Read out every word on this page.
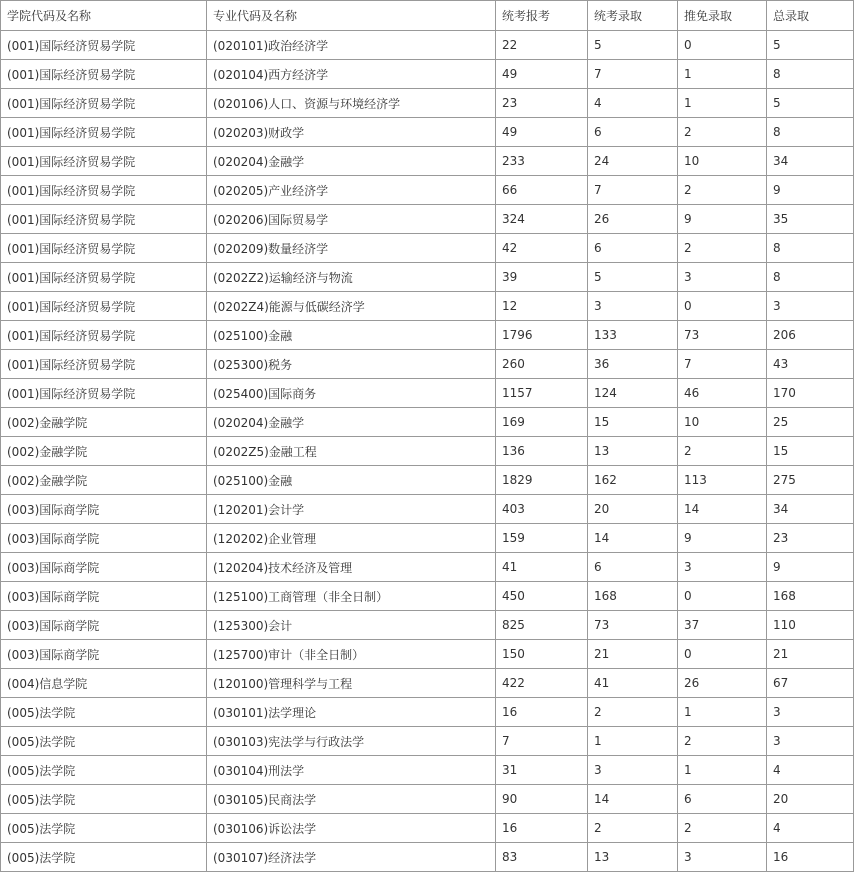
学院代码及名称	专业代码及名称	统考报考	统考录取	推免录取	总录取
(001)国际经济贸易学院	(020101)政治经济学	22	5	0	5
(001)国际经济贸易学院	(020104)西方经济学	49	7	1	8
(001)国际经济贸易学院	(020106)人口、资源与环境经济学	23	4	1	5
(001)国际经济贸易学院	(020203)财政学	49	6	2	8
(001)国际经济贸易学院	(020204)金融学	233	24	10	34
(001)国际经济贸易学院	(020205)产业经济学	66	7	2	9
(001)国际经济贸易学院	(020206)国际贸易学	324	26	9	35
(001)国际经济贸易学院	(020209)数量经济学	42	6	2	8
(001)国际经济贸易学院	(0202Z2)运输经济与物流	39	5	3	8
(001)国际经济贸易学院	(0202Z4)能源与低碳经济学	12	3	0	3
(001)国际经济贸易学院	(025100)金融	1796	133	73	206
(001)国际经济贸易学院	(025300)税务	260	36	7	43
(001)国际经济贸易学院	(025400)国际商务	1157	124	46	170
(002)金融学院	(020204)金融学	169	15	10	25
(002)金融学院	(0202Z5)金融工程	136	13	2	15
(002)金融学院	(025100)金融	1829	162	113	275
(003)国际商学院	(120201)会计学	403	20	14	34
(003)国际商学院	(120202)企业管理	159	14	9	23
(003)国际商学院	(120204)技术经济及管理	41	6	3	9
(003)国际商学院	(125100)工商管理（非全日制）	450	168	0	168
(003)国际商学院	(125300)会计	825	73	37	110
(003)国际商学院	(125700)审计（非全日制）	150	21	0	21
(004)信息学院	(120100)管理科学与工程	422	41	26	67
(005)法学院	(030101)法学理论	16	2	1	3
(005)法学院	(030103)宪法学与行政法学	7	1	2	3
(005)法学院	(030104)刑法学	31	3	1	4
(005)法学院	(030105)民商法学	90	14	6	20
(005)法学院	(030106)诉讼法学	16	2	2	4
(005)法学院	(030107)经济法学	83	13	3	16
